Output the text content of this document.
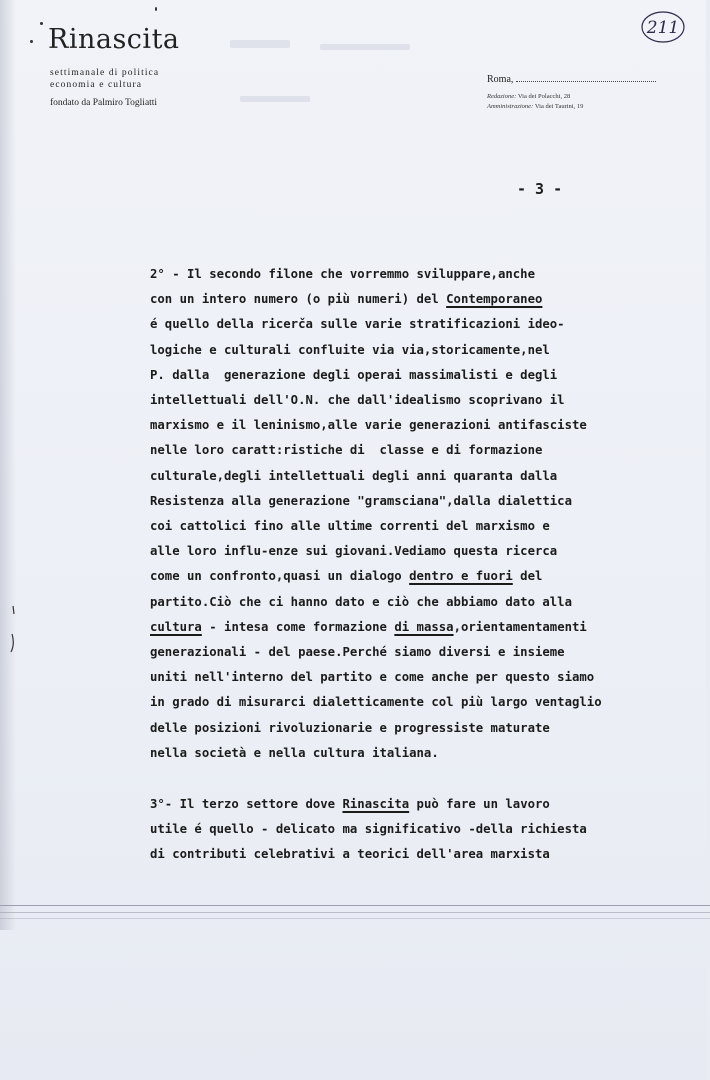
Rinascita
settimanale di politica
economia e cultura
fondato da Palmiro Togliatti
Roma,
Redazione: Via dei Polacchi, 28
Amministrazione: Via dei Taurini, 19
211
- 3 -
2° - Il secondo filone che vorremmo sviluppare,anche
con un intero numero (o più numeri) del Contemporaneo
é quello della ricerča sulle varie stratificazioni ideo-
logiche e culturali confluite via via,storicamente,nel
P. dalla  generazione degli operai massimalisti e degli
intellettuali dell'O.N. che dall'idealismo scoprivano il
marxismo e il leninismo,alle varie generazioni antifasciste
nelle loro caratt:ristiche di  classe e di formazione
culturale,degli intellettuali degli anni quaranta dalla
Resistenza alla generazione "gramsciana",dalla dialettica
coi cattolici fino alle ultime correnti del marxismo e
alle loro influ-enze sui giovani.Vediamo questa ricerca
come un confronto,quasi un dialogo dentro e fuori del
partito.Ciò che ci hanno dato e ciò che abbiamo dato alla
cultura - intesa come formazione di massa,orientamentamenti
generazionali - del paese.Perché siamo diversi e insieme
uniti nell'interno del partito e come anche per questo siamo
in grado di misurarci dialetticamente col più largo ventaglio
delle posizioni rivoluzionarie e progressiste maturate
nella società e nella cultura italiana.
3°- Il terzo settore dove Rinascita può fare un lavoro
utile é quello - delicato ma significativo -della richiesta
di contributi celebrativi a teorici dell'area marxista
